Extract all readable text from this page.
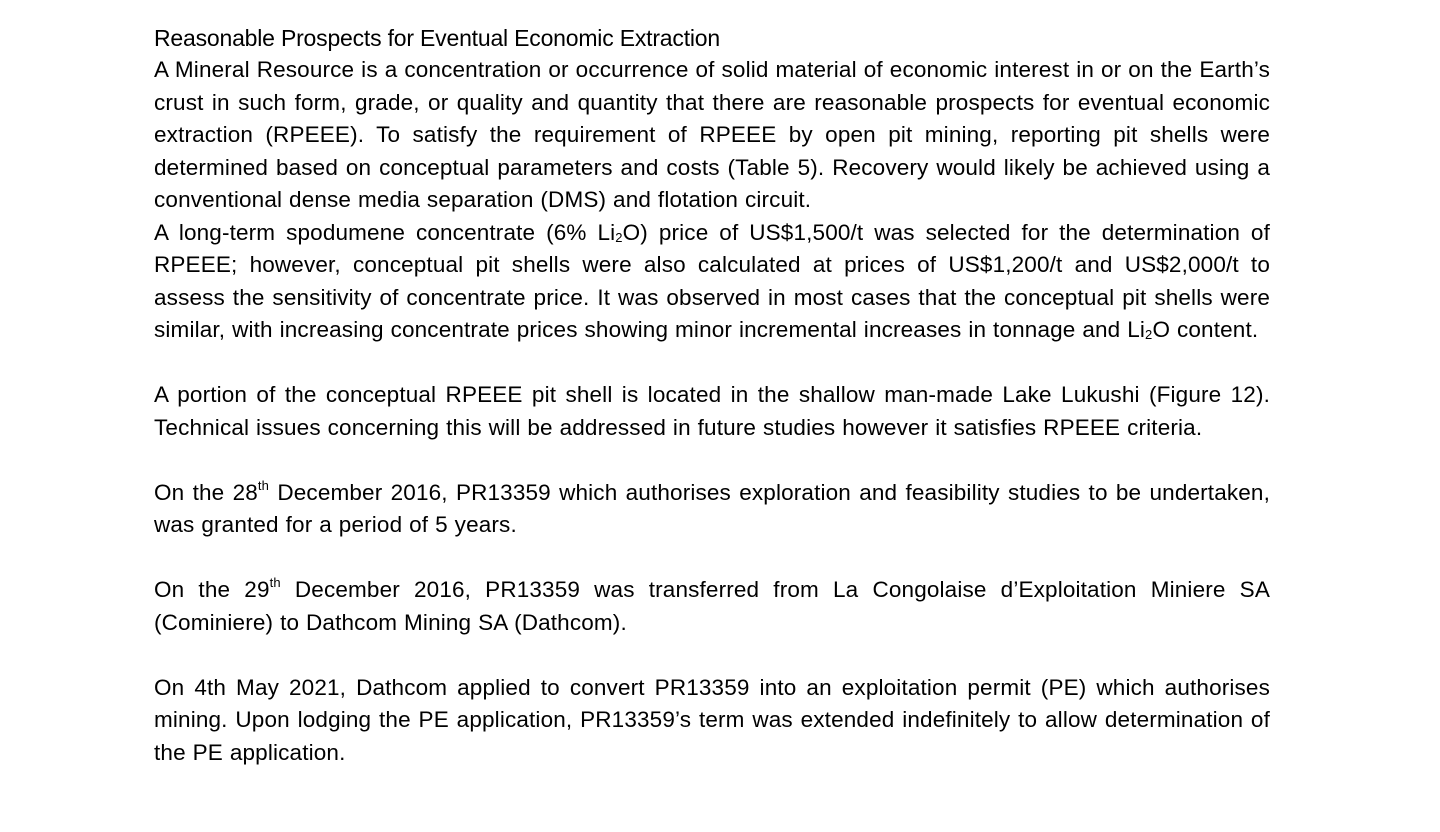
Reasonable Prospects for Eventual Economic Extraction

A Mineral Resource is a concentration or occurrence of solid material of economic interest in or on the Earth’s crust in such form, grade, or quality and quantity that there are reasonable prospects for eventual economic extraction (RPEEE). To satisfy the requirement of RPEEE by open pit mining, reporting pit shells were determined based on conceptual parameters and costs (Table 5). Recovery would likely be achieved using a conventional dense media separation (DMS) and flotation circuit.

A long-term spodumene concentrate (6% $Li_2O$) price of US$1,500/t was selected for the determination of RPEEE; however, conceptual pit shells were also calculated at prices of US$1,200/t and US$2,000/t to assess the sensitivity of concentrate price. It was observed in most cases that the conceptual pit shells were similar, with increasing concentrate prices showing minor incremental increases in tonnage and $Li_2O$ content.

A portion of the conceptual RPEEE pit shell is located in the shallow man-made Lake Lukushi (Figure 12). Technical issues concerning this will be addressed in future studies however it satisfies RPEEE criteria.

On the 28th December 2016, PR13359 which authorises exploration and feasibility studies to be undertaken, was granted for a period of 5 years.

On the 29th December 2016, PR13359 was transferred from La Congolaise d’Exploitation Miniere SA (Cominiere) to Dathcom Mining SA (Dathcom).

On 4th May 2021, Dathcom applied to convert PR13359 into an exploitation permit (PE) which authorises mining. Upon lodging the PE application, PR13359’s term was extended indefinitely to allow determination of the PE application.
